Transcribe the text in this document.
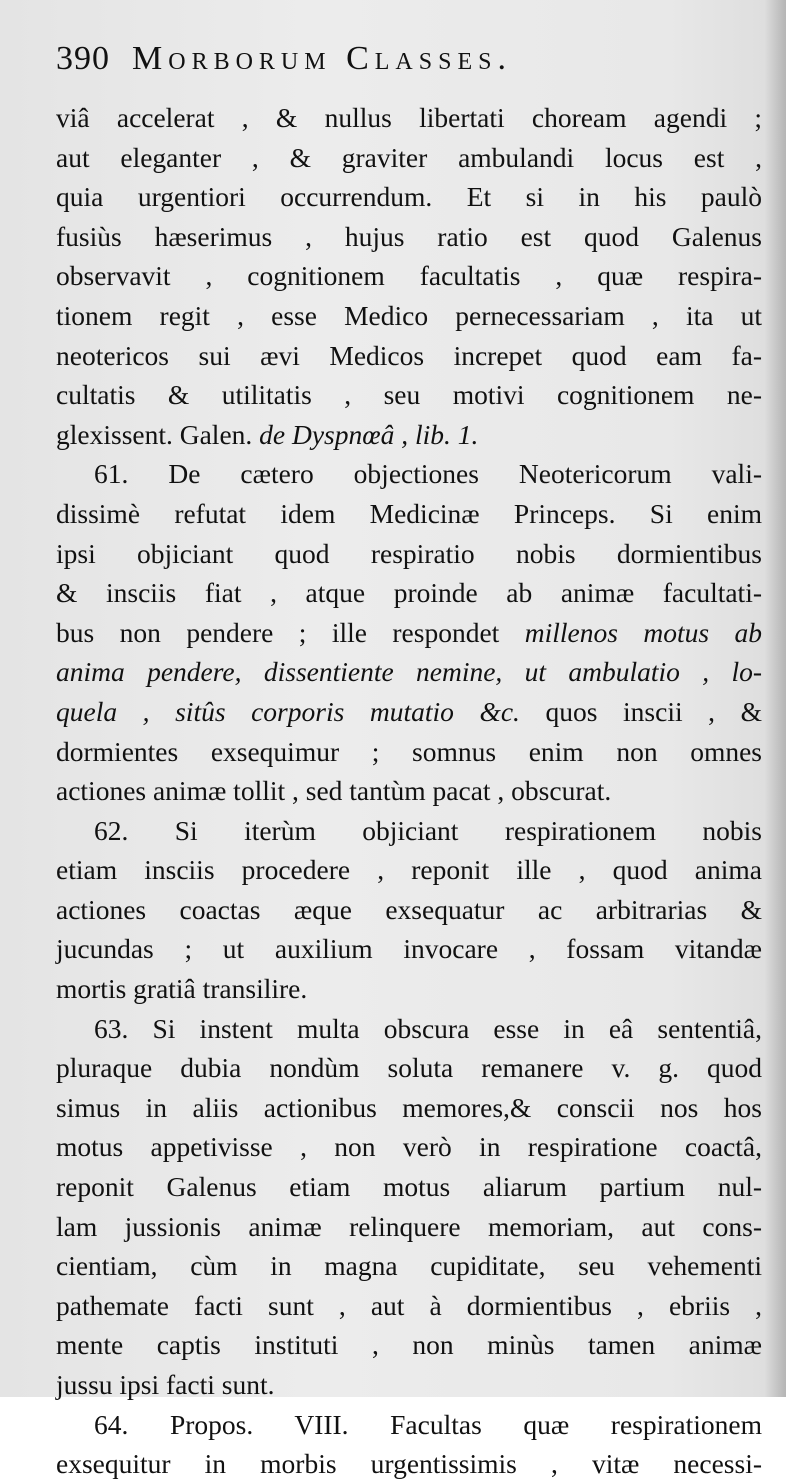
390 Morborum Classes.
viâ accelerat , & nullus libertati choream agendi ;
aut eleganter , & graviter ambulandi locus est ,
quia urgentiori occurrendum. Et si in his paulò
fusiùs hæserimus , hujus ratio est quod Galenus
observavit , cognitionem facultatis , quæ respira-
tionem regit , esse Medico pernecessariam , ita ut
neotericos sui ævi Medicos increpet quod eam fa-
cultatis & utilitatis , seu motivi cognitionem ne-
glexissent. Galen. de Dyspnœâ , lib. 1.
61. De cætero objectiones Neotericorum vali-
dissimè refutat idem Medicinæ Princeps. Si enim
ipsi objiciant quod respiratio nobis dormientibus
& insciis fiat , atque proinde ab animæ facultati-
bus non pendere ; ille respondet millenos motus ab
anima pendere, dissentiente nemine, ut ambulatio , lo-
quela , sitûs corporis mutatio &c. quos inscii , &
dormientes exsequimur ; somnus enim non omnes
actiones animæ tollit , sed tantùm pacat , obscurat.
62. Si iterùm objiciant respirationem nobis
etiam insciis procedere , reponit ille , quod anima
actiones coactas æque exsequatur ac arbitrarias &
jucundas ; ut auxilium invocare , fossam vitandæ
mortis gratiâ transilire.
63. Si instent multa obscura esse in eâ sententiâ,
pluraque dubia nondùm soluta remanere v. g. quod
simus in aliis actionibus memores,& conscii nos hos
motus appetivisse , non verò in respiratione coactâ,
reponit Galenus etiam motus aliarum partium nul-
lam jussionis animæ relinquere memoriam, aut cons-
cientiam, cùm in magna cupiditate, seu vehementi
pathemate facti sunt , aut à dormientibus , ebriis ,
mente captis instituti , non minùs tamen animæ
jussu ipsi facti sunt.
64. Propos. VIII. Facultas quæ respirationem
exsequitur in morbis urgentissimis , vitæ necessi-
